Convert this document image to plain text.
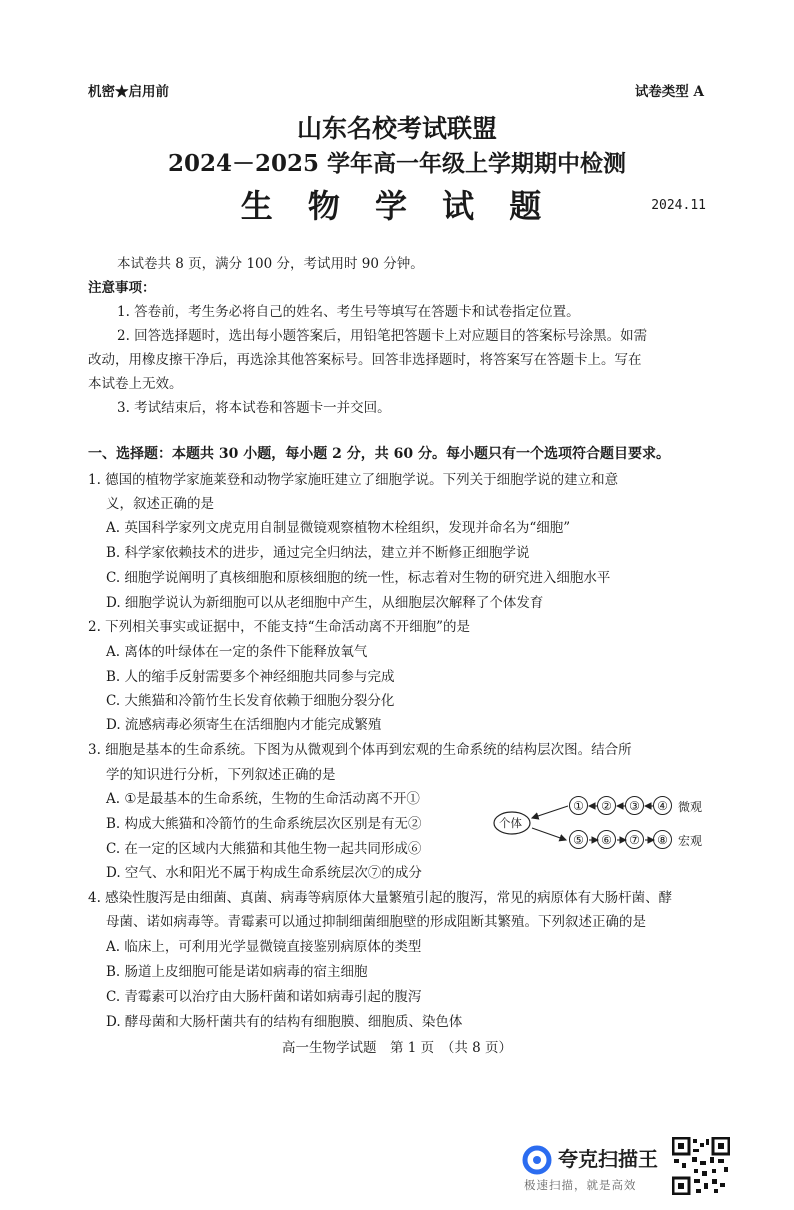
机密★启用前	试卷类型 A
山东名校考试联盟
2024－2025 学年高一年级上学期期中检测
生 物 学 试 题	2024.11
本试卷共 8 页，满分 100 分，考试用时 90 分钟。
注意事项：
1. 答卷前，考生务必将自己的姓名、考生号等填写在答题卡和试卷指定位置。
2. 回答选择题时，选出每小题答案后，用铅笔把答题卡上对应题目的答案标号涂黑。如需
改动，用橡皮擦干净后，再选涂其他答案标号。回答非选择题时，将答案写在答题卡上。写在
本试卷上无效。
3. 考试结束后，将本试卷和答题卡一并交回。
一、选择题：本题共 30 小题，每小题 2 分，共 60 分。每小题只有一个选项符合题目要求。
1. 德国的植物学家施莱登和动物学家施旺建立了细胞学说。下列关于细胞学说的建立和意
义，叙述正确的是
A. 英国科学家列文虎克用自制显微镜观察植物木栓组织，发现并命名为“细胞”
B. 科学家依赖技术的进步，通过完全归纳法，建立并不断修正细胞学说
C. 细胞学说阐明了真核细胞和原核细胞的统一性，标志着对生物的研究进入细胞水平
D. 细胞学说认为新细胞可以从老细胞中产生，从细胞层次解释了个体发育
2. 下列相关事实或证据中，不能支持“生命活动离不开细胞”的是
A. 离体的叶绿体在一定的条件下能释放氧气
B. 人的缩手反射需要多个神经细胞共同参与完成
C. 大熊猫和冷箭竹生长发育依赖于细胞分裂分化
D. 流感病毒必须寄生在活细胞内才能完成繁殖
3. 细胞是基本的生命系统。下图为从微观到个体再到宏观的生命系统的结构层次图。结合所
学的知识进行分析，下列叙述正确的是
A. ①是最基本的生命系统，生物的生命活动离不开①
B. 构成大熊猫和冷箭竹的生命系统层次区别是有无②
C. 在一定的区域内大熊猫和其他生物一起共同形成⑥
D. 空气、水和阳光不属于构成生命系统层次⑦的成分
个体
①	②	③	④ 微观
⑤	⑥	⑦	⑧ 宏观
4. 感染性腹泻是由细菌、真菌、病毒等病原体大量繁殖引起的腹泻，常见的病原体有大肠杆菌、酵
母菌、诺如病毒等。青霉素可以通过抑制细菌细胞壁的形成阻断其繁殖。下列叙述正确的是
A. 临床上，可利用光学显微镜直接鉴别病原体的类型
B. 肠道上皮细胞可能是诺如病毒的宿主细胞
C. 青霉素可以治疗由大肠杆菌和诺如病毒引起的腹泻
D. 酵母菌和大肠杆菌共有的结构有细胞膜、细胞质、染色体
高一生物学试题　第 1 页　（共 8 页）
夸克扫描王
极速扫描，就是高效
